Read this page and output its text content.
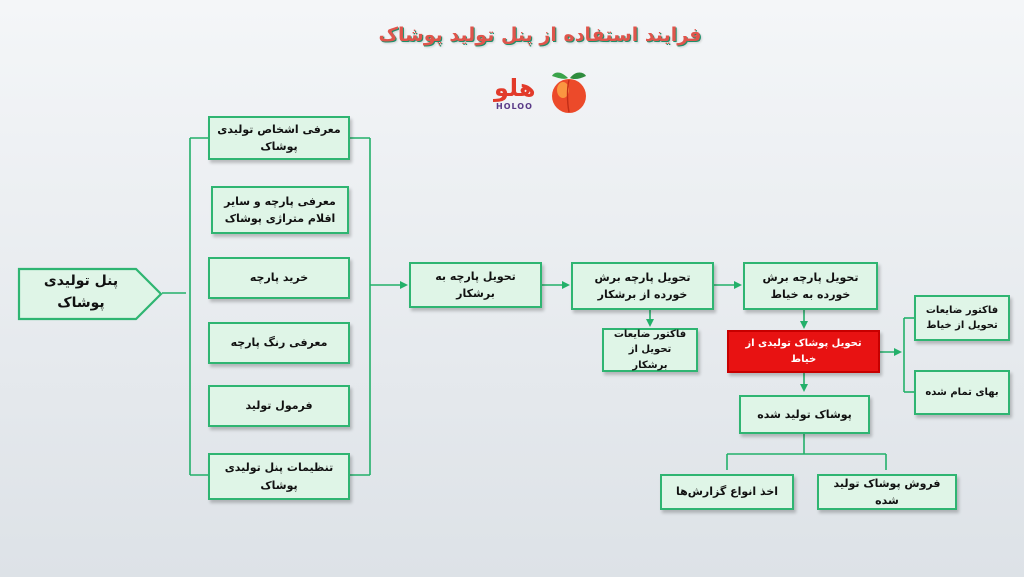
فرایند استفاده از پنل تولید پوشاک
هلو
HOLOO
پنل تولیدی پوشاک
معرفی اشخاص تولیدی پوشاک
معرفی پارچه و سایر اقلام متراژی پوشاک
خرید پارچه
معرفی رنگ پارچه
فرمول تولید
تنظیمات پنل تولیدی پوشاک
تحویل پارچه به برشکار
تحویل پارچه برش خورده از برشکار
فاکتور ضایعات تحویل از برشکار
تحویل پارچه برش خورده به خیاط
تحویل پوشاک تولیدی از خیاط
فاکتور ضایعات تحویل از خیاط
بهای تمام شده
پوشاک تولید شده
اخذ انواع گزارش‌ها
فروش پوشاک تولید شده
